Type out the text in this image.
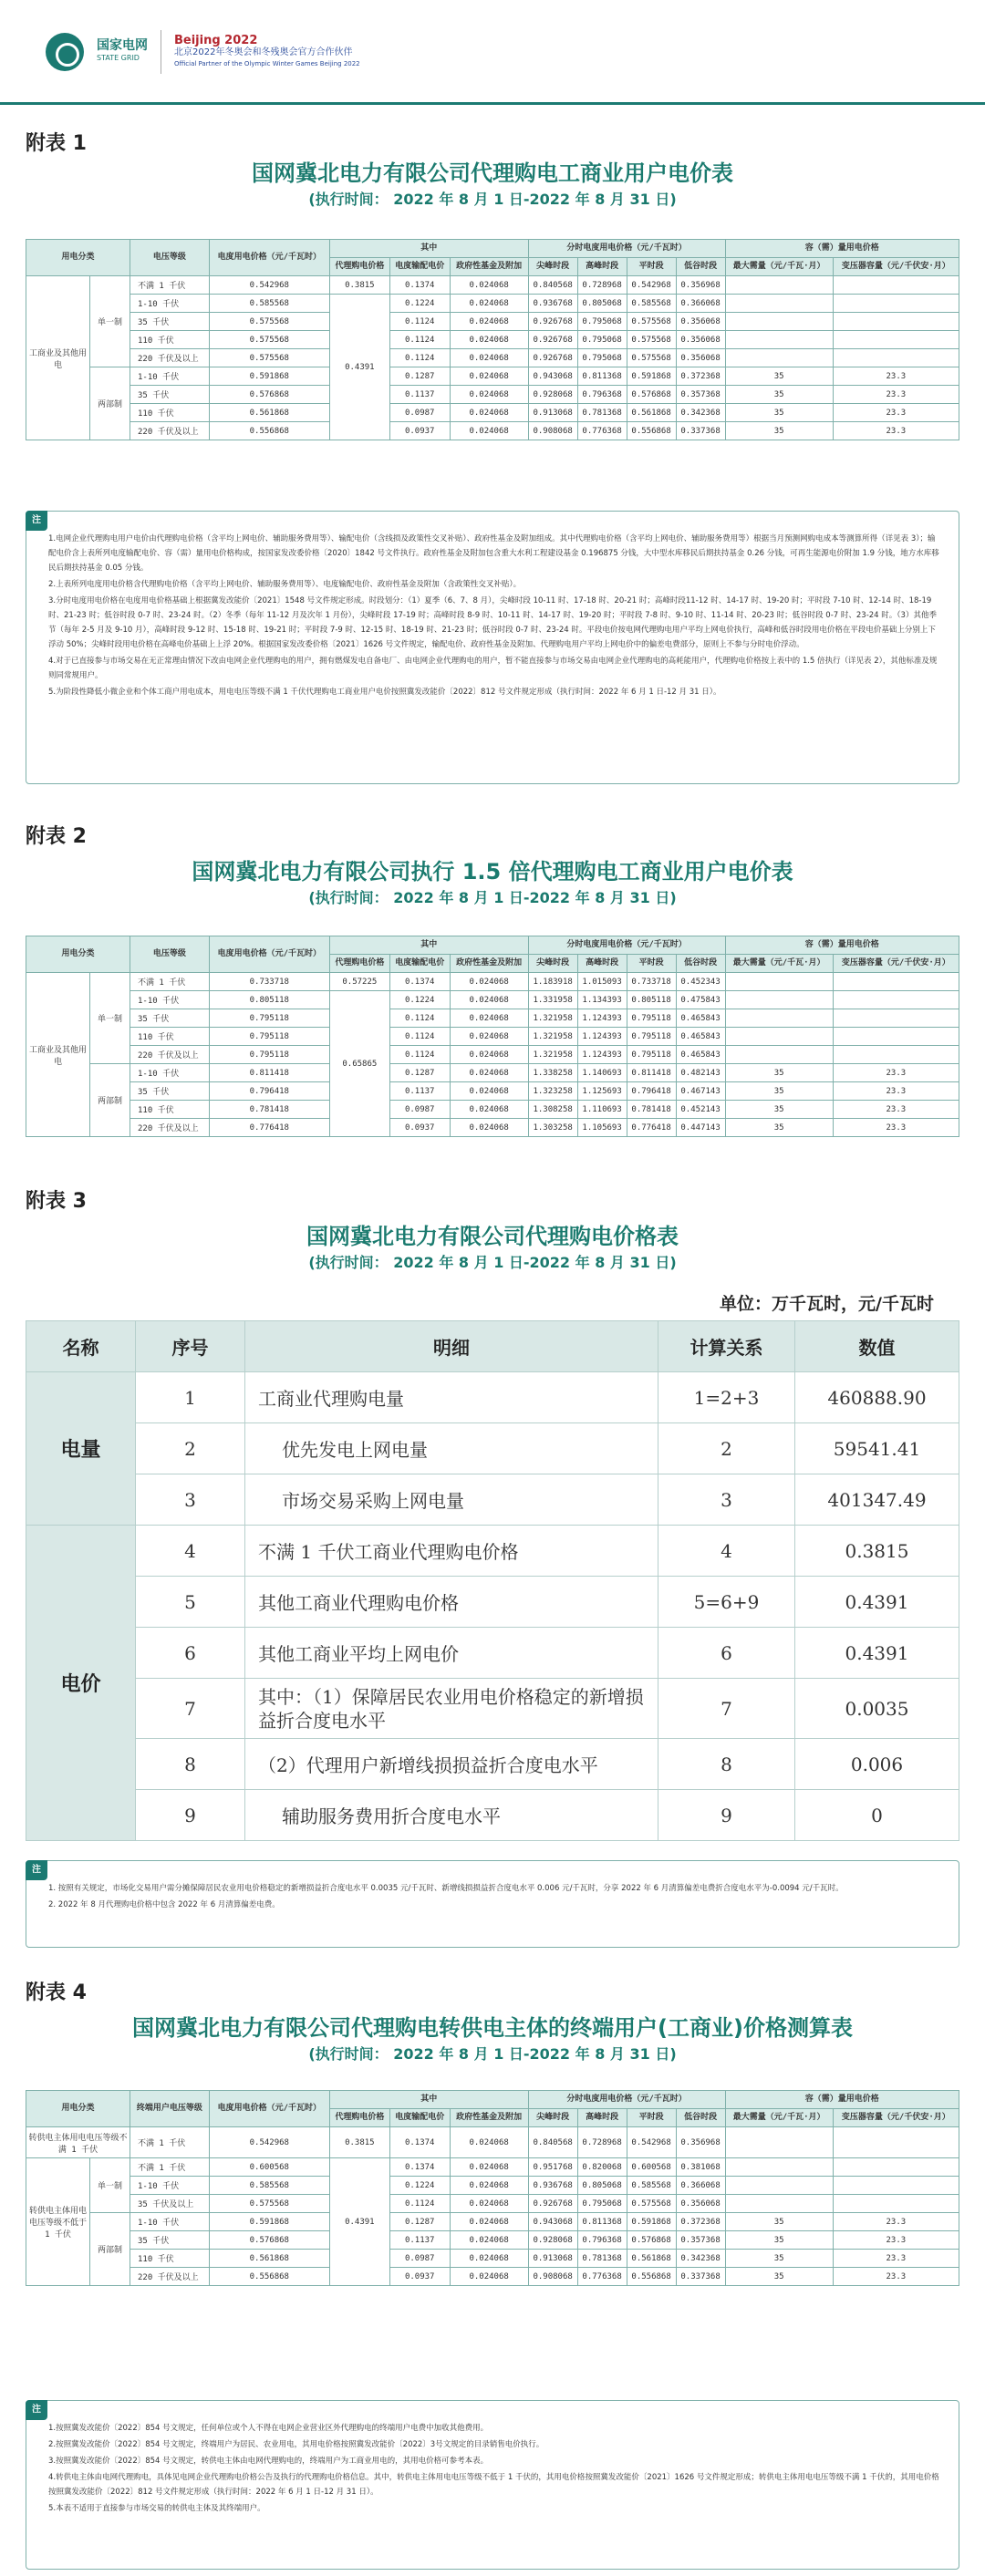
国家电网
STATE GRID
Beijing 2022
北京2022年冬奥会和冬残奥会官方合作伙伴
Official Partner of the Olympic Winter Games Beijing 2022
附表 1
国网冀北电力有限公司代理购电工商业用户电价表
(执行时间： 2022 年 8 月 1 日-2022 年 8 月 31 日)
用电分类		电压等级	电度用电价格（元/千瓦时）	其中			分时电度用电价格（元/千瓦时）				容（需）量用电价格	
				代理购电价格	电度输配电价	政府性基金及附加	尖峰时段	高峰时段	平时段	低谷时段	最大需量（元/千瓦·月）	变压器容量（元/千伏安·月）
工商业及其他用电	单一制	不满 1 千伏	0.542968	0.3815	0.1374	0.024068	0.840568	0.728968	0.542968	0.356968		
		1-10 千伏	0.585568	0.4391	0.1224	0.024068	0.936768	0.805068	0.585568	0.366068		
		35 千伏	0.575568		0.1124	0.024068	0.926768	0.795068	0.575568	0.356068		
		110 千伏	0.575568		0.1124	0.024068	0.926768	0.795068	0.575568	0.356068		
		220 千伏及以上	0.575568		0.1124	0.024068	0.926768	0.795068	0.575568	0.356068		
	两部制	1-10 千伏	0.591868		0.1287	0.024068	0.943068	0.811368	0.591868	0.372368	35	23.3
		35 千伏	0.576868		0.1137	0.024068	0.928068	0.796368	0.576868	0.357368	35	23.3
		110 千伏	0.561868		0.0987	0.024068	0.913068	0.781368	0.561868	0.342368	35	23.3
		220 千伏及以上	0.556868		0.0937	0.024068	0.908068	0.776368	0.556868	0.337368	35	23.3
注

1.电网企业代理购电用户电价由代理购电价格（含平均上网电价、辅助服务费用等）、输配电价（含线损及政策性交叉补贴）、政府性基金及附加组成。其中代理购电价格（含平均上网电价、辅助服务费用等）根据当月预测网购电成本等测算所得（详见表 3）；输配电价含上表所列电度输配电价、容（需）量用电价格构成，按国家发改委价格〔2020〕1842 号文件执行。政府性基金及附加包含重大水利工程建设基金 0.196875 分钱，大中型水库移民后期扶持基金 0.26 分钱，可再生能源电价附加 1.9 分钱，地方水库移民后期扶持基金 0.05 分钱。

2.上表所列电度用电价格含代理购电价格（含平均上网电价、辅助服务费用等）、电度输配电价、政府性基金及附加（含政策性交叉补贴）。

3.分时电度用电价格在电度用电价格基础上根据冀发改能价〔2021〕1548 号文件规定形成。时段划分：（1）夏季（6、7、8 月），尖峰时段 10-11 时、17-18 时、20-21 时；高峰时段11-12 时、14-17 时、19-20 时；平时段 7-10 时、12-14 时、18-19 时、21-23 时；低谷时段 0-7 时、23-24 时。（2）冬季（每年 11-12 月及次年 1 月份），尖峰时段 17-19 时；高峰时段 8-9 时、10-11 时、14-17 时、19-20 时；平时段 7-8 时、9-10 时、11-14 时、20-23 时；低谷时段 0-7 时、23-24 时。（3）其他季节（每年 2-5 月及 9-10 月），高峰时段 9-12 时、15-18 时、19-21 时；平时段 7-9 时、12-15 时、18-19 时、21-23 时；低谷时段 0-7 时、23-24 时。平段电价按电网代理购电用户平均上网电价执行，高峰和低谷时段用电价格在平段电价基础上分别上下浮动 50%；尖峰时段用电价格在高峰电价基础上上浮 20%。根据国家发改委价格〔2021〕1626 号文件规定，输配电价、政府性基金及附加、代理购电用户平均上网电价中的偏差电费部分，原则上不参与分时电价浮动。

4.对于已直接参与市场交易在无正常理由情况下改由电网企业代理购电的用户，拥有燃煤发电自备电厂、由电网企业代理购电的用户，暂不能直接参与市场交易由电网企业代理购电的高耗能用户，代理购电价格按上表中的 1.5 倍执行（详见表 2），其他标准及规则同常规用户。

5.为阶段性降低小微企业和个体工商户用电成本，用电电压等级不满 1 千伏代理购电工商业用户电价按照冀发改能价〔2022〕812 号文件规定形成（执行时间：2022 年 6 月 1 日-12 月 31 日）。

附表 2
国网冀北电力有限公司执行 1.5 倍代理购电工商业用户电价表
(执行时间： 2022 年 8 月 1 日-2022 年 8 月 31 日)
用电分类		电压等级	电度用电价格（元/千瓦时）	其中			分时电度用电价格（元/千瓦时）				容（需）量用电价格	
				代理购电价格	电度输配电价	政府性基金及附加	尖峰时段	高峰时段	平时段	低谷时段	最大需量（元/千瓦·月）	变压器容量（元/千伏安·月）
工商业及其他用电	单一制	不满 1 千伏	0.733718	0.57225	0.1374	0.024068	1.183918	1.015093	0.733718	0.452343		
		1-10 千伏	0.805118	0.65865	0.1224	0.024068	1.331958	1.134393	0.805118	0.475843		
		35 千伏	0.795118		0.1124	0.024068	1.321958	1.124393	0.795118	0.465843		
		110 千伏	0.795118		0.1124	0.024068	1.321958	1.124393	0.795118	0.465843		
		220 千伏及以上	0.795118		0.1124	0.024068	1.321958	1.124393	0.795118	0.465843		
	两部制	1-10 千伏	0.811418		0.1287	0.024068	1.338258	1.140693	0.811418	0.482143	35	23.3
		35 千伏	0.796418		0.1137	0.024068	1.323258	1.125693	0.796418	0.467143	35	23.3
		110 千伏	0.781418		0.0987	0.024068	1.308258	1.110693	0.781418	0.452143	35	23.3
		220 千伏及以上	0.776418		0.0937	0.024068	1.303258	1.105693	0.776418	0.447143	35	23.3
附表 3
国网冀北电力有限公司代理购电价格表
(执行时间： 2022 年 8 月 1 日-2022 年 8 月 31 日)
单位：万千瓦时，元/千瓦时
名称	序号	明细	计算关系	数值
电量	1	工商业代理购电量	1=2+3	460888.90
	2	优先发电上网电量	2	59541.41
	3	市场交易采购上网电量	3	401347.49
电价	4	不满 1 千伏工商业代理购电价格	4	0.3815
	5	其他工商业代理购电价格	5=6+9	0.4391
	6	其他工商业平均上网电价	6	0.4391
	7	其中：（1）保障居民农业用电价格稳定的新增损益折合度电水平	7	0.0035
	8	（2）代理用户新增线损损益折合度电水平	8	0.006
	9	辅助服务费用折合度电水平	9	0
注

1. 按照有关规定，市场化交易用户需分摊保障居民农业用电价格稳定的新增损益折合度电水平 0.0035 元/千瓦时、新增线损损益折合度电水平 0.006 元/千瓦时，分享 2022 年 6 月清算偏差电费折合度电水平为-0.0094 元/千瓦时。

2. 2022 年 8 月代理购电价格中包含 2022 年 6 月清算偏差电费。

附表 4
国网冀北电力有限公司代理购电转供电主体的终端用户(工商业)价格测算表
(执行时间： 2022 年 8 月 1 日-2022 年 8 月 31 日)
用电分类		终端用户电压等级	电度用电价格（元/千瓦时）	其中			分时电度用电价格（元/千瓦时）				容（需）量用电价格	
				代理购电价格	电度输配电价	政府性基金及附加	尖峰时段	高峰时段	平时段	低谷时段	最大需量（元/千瓦·月）	变压器容量（元/千伏安·月）
转供电主体用电电压等级不满 1 千伏		不满 1 千伏	0.542968	0.3815	0.1374	0.024068	0.840568	0.728968	0.542968	0.356968		
转供电主体用电电压等级不低于 1 千伏	单一制	不满 1 千伏	0.600568	0.4391	0.1374	0.024068	0.951768	0.820068	0.600568	0.381068		
		1-10 千伏	0.585568		0.1224	0.024068	0.936768	0.805068	0.585568	0.366068		
		35 千伏及以上	0.575568		0.1124	0.024068	0.926768	0.795068	0.575568	0.356068		
	两部制	1-10 千伏	0.591868		0.1287	0.024068	0.943068	0.811368	0.591868	0.372368	35	23.3
		35 千伏	0.576868		0.1137	0.024068	0.928068	0.796368	0.576868	0.357368	35	23.3
		110 千伏	0.561868		0.0987	0.024068	0.913068	0.781368	0.561868	0.342368	35	23.3
		220 千伏及以上	0.556868		0.0937	0.024068	0.908068	0.776368	0.556868	0.337368	35	23.3
注

1.按照冀发改能价〔2022〕854 号文规定，任何单位或个人不得在电网企业营业区外代理购电的终端用户电费中加收其他费用。

2.按照冀发改能价〔2022〕854 号文规定，终端用户为居民、农业用电，其用电价格按照冀发改能价〔2022〕3号文规定的目录销售电价执行。

3.按照冀发改能价〔2022〕854 号文规定，转供电主体由电网代理购电的，终端用户为工商业用电的，其用电价格可参考本表。

4.转供电主体由电网代理购电，具体见电网企业代理购电价格公告及执行的代理购电价格信息。其中，转供电主体用电电压等级不低于 1 千伏的，其用电价格按照冀发改能价〔2021〕1626 号文件规定形成；转供电主体用电电压等级不满 1 千伏的，其用电价格按照冀发改能价〔2022〕812 号文件规定形成（执行时间：2022 年 6 月 1 日-12 月 31 日）。

5.本表不适用于直接参与市场交易的转供电主体及其终端用户。
